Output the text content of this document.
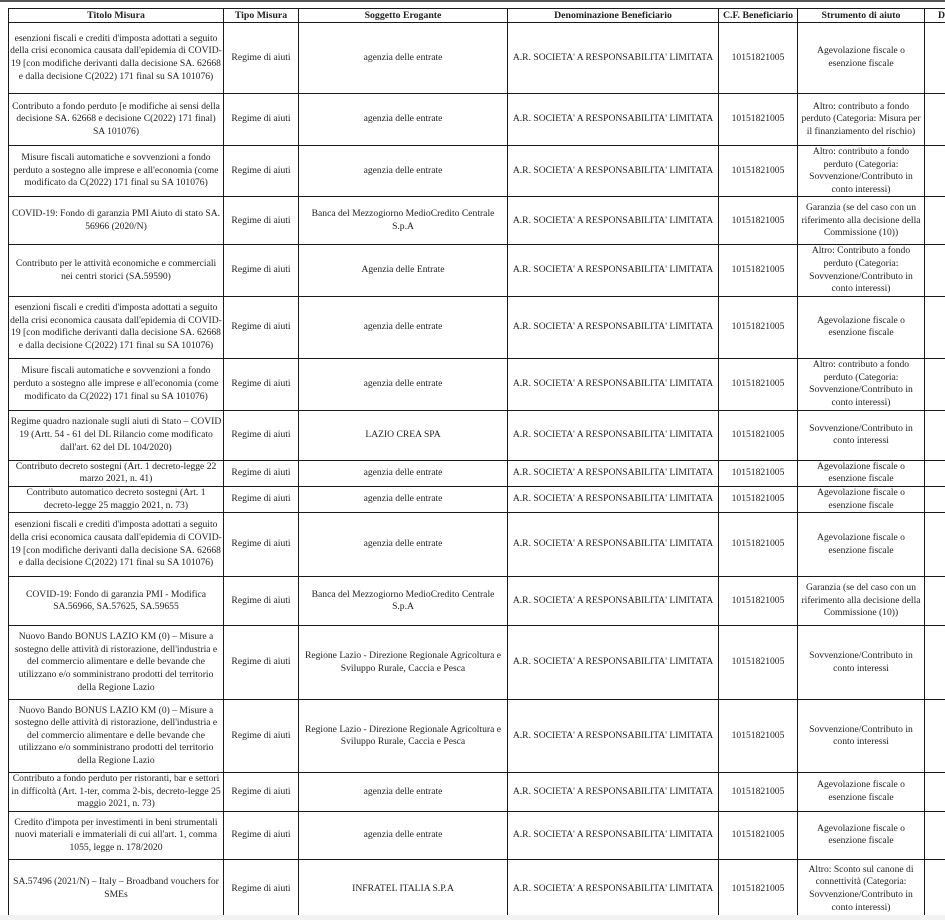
Titolo Misura	Tipo Misura	Soggetto Erogante	Denominazione Beneficiario	C.F. Beneficiario	Strumento di aiuto	D
esenzioni fiscali e crediti d'imposta adottati a seguito della crisi economica causata dall'epidemia di COVID-19 [con modifiche derivanti dalla decisione SA. 62668 e dalla decisione C(2022) 171 final su SA 101076)	Regime di aiuti	agenzia delle entrate	A.R. SOCIETA' A RESPONSABILITA' LIMITATA	10151821005	Agevolazione fiscale o esenzione fiscale	
Contributo a fondo perduto [e modifiche ai sensi della decisione SA. 62668 e decisione C(2022) 171 final) SA 101076)	Regime di aiuti	agenzia delle entrate	A.R. SOCIETA' A RESPONSABILITA' LIMITATA	10151821005	Altro: contributo a fondo perduto (Categoria: Misura per il finanziamento del rischio)	
Misure fiscali automatiche e sovvenzioni a fondo perduto a sostegno alle imprese e all'economia (come modificato da C(2022) 171 final su SA 101076)	Regime di aiuti	agenzia delle entrate	A.R. SOCIETA' A RESPONSABILITA' LIMITATA	10151821005	Altro: contributo a fondo perduto (Categoria: Sovvenzione/Contributo in conto interessi)	
COVID-19: Fondo di garanzia PMI Aiuto di stato SA. 56966 (2020/N)	Regime di aiuti	Banca del Mezzogiorno MedioCredito Centrale S.p.A	A.R. SOCIETA' A RESPONSABILITA' LIMITATA	10151821005	Garanzia (se del caso con un riferimento alla decisione della Commissione (10))	
Contributo per le attività economiche e commerciali nei centri storici (SA.59590)	Regime di aiuti	Agenzia delle Entrate	A.R. SOCIETA' A RESPONSABILITA' LIMITATA	10151821005	Altro: Contributo a fondo perduto (Categoria: Sovvenzione/Contributo in conto interessi)	
esenzioni fiscali e crediti d'imposta adottati a seguito della crisi economica causata dall'epidemia di COVID-19 [con modifiche derivanti dalla decisione SA. 62668 e dalla decisione C(2022) 171 final su SA 101076)	Regime di aiuti	agenzia delle entrate	A.R. SOCIETA' A RESPONSABILITA' LIMITATA	10151821005	Agevolazione fiscale o esenzione fiscale	
Misure fiscali automatiche e sovvenzioni a fondo perduto a sostegno alle imprese e all'economia (come modificato da C(2022) 171 final su SA 101076)	Regime di aiuti	agenzia delle entrate	A.R. SOCIETA' A RESPONSABILITA' LIMITATA	10151821005	Altro: contributo a fondo perduto (Categoria: Sovvenzione/Contributo in conto interessi)	
Regime quadro nazionale sugli aiuti di Stato – COVID 19 (Artt. 54 - 61 del DL Rilancio come modificato dall'art. 62 del DL 104/2020)	Regime di aiuti	LAZIO CREA SPA	A.R. SOCIETA' A RESPONSABILITA' LIMITATA	10151821005	Sovvenzione/Contributo in conto interessi	
Contributo decreto sostegni (Art. 1 decreto-legge 22 marzo 2021, n. 41)	Regime di aiuti	agenzia delle entrate	A.R. SOCIETA' A RESPONSABILITA' LIMITATA	10151821005	Agevolazione fiscale o esenzione fiscale	
Contributo automatico decreto sostegni (Art. 1 decreto-legge 25 maggio 2021, n. 73)	Regime di aiuti	agenzia delle entrate	A.R. SOCIETA' A RESPONSABILITA' LIMITATA	10151821005	Agevolazione fiscale o esenzione fiscale	
esenzioni fiscali e crediti d'imposta adottati a seguito della crisi economica causata dall'epidemia di COVID-19 [con modifiche derivanti dalla decisione SA. 62668 e dalla decisione C(2022) 171 final su SA 101076)	Regime di aiuti	agenzia delle entrate	A.R. SOCIETA' A RESPONSABILITA' LIMITATA	10151821005	Agevolazione fiscale o esenzione fiscale	
COVID-19: Fondo di garanzia PMI - Modifica SA.56966, SA.57625, SA.59655	Regime di aiuti	Banca del Mezzogiorno MedioCredito Centrale S.p.A	A.R. SOCIETA' A RESPONSABILITA' LIMITATA	10151821005	Garanzia (se del caso con un riferimento alla decisione della Commissione (10))	
Nuovo Bando BONUS LAZIO KM (0) – Misure a sostegno delle attività di ristorazione, dell'industria e del commercio alimentare e delle bevande che utilizzano e/o somministrano prodotti del territorio della Regione Lazio	Regime di aiuti	Regione Lazio - Direzione Regionale Agricoltura e Sviluppo Rurale, Caccia e Pesca	A.R. SOCIETA' A RESPONSABILITA' LIMITATA	10151821005	Sovvenzione/Contributo in conto interessi	
Nuovo Bando BONUS LAZIO KM (0) – Misure a sostegno delle attività di ristorazione, dell'industria e del commercio alimentare e delle bevande che utilizzano e/o somministrano prodotti del territorio della Regione Lazio	Regime di aiuti	Regione Lazio - Direzione Regionale Agricoltura e Sviluppo Rurale, Caccia e Pesca	A.R. SOCIETA' A RESPONSABILITA' LIMITATA	10151821005	Sovvenzione/Contributo in conto interessi	
Contributo a fondo perduto per ristoranti, bar e settori in difficoltà (Art. 1-ter, comma 2-bis, decreto-legge 25 maggio 2021, n. 73)	Regime di aiuti	agenzia delle entrate	A.R. SOCIETA' A RESPONSABILITA' LIMITATA	10151821005	Agevolazione fiscale o esenzione fiscale	
Credito d'impota per investimenti in beni strumentali nuovi materiali e immateriali di cui all'art. 1, comma 1055, legge n. 178/2020	Regime di aiuti	agenzia delle entrate	A.R. SOCIETA' A RESPONSABILITA' LIMITATA	10151821005	Agevolazione fiscale o esenzione fiscale	
SA.57496 (2021/N) – Italy – Broadband vouchers for SMEs	Regime di aiuti	INFRATEL ITALIA S.P.A	A.R. SOCIETA' A RESPONSABILITA' LIMITATA	10151821005	Altro: Sconto sul canone di connettività (Categoria: Sovvenzione/Contributo in conto interessi)	
